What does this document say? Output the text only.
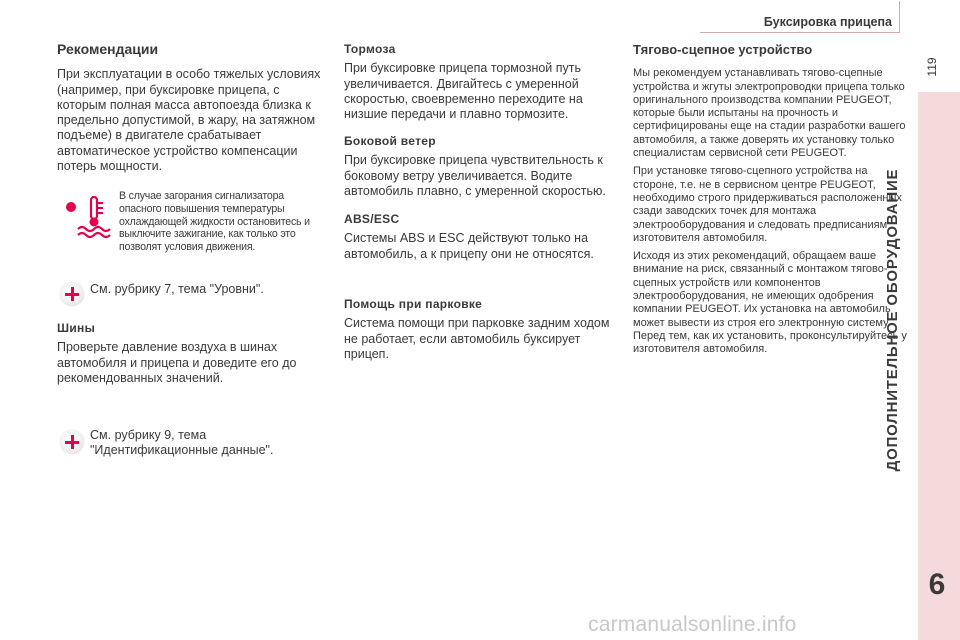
Буксировка прицепа
119
ДОПОЛНИТЕЛЬНОЕ ОБОРУДОВАНИЕ
6
Рекомендации

При эксплуатации в особо тяжелых условиях (например, при буксировке прицепа, с которым полная масса автопоезда близка к предельно допустимой, в жару, на затяжном подъеме) в двигателе срабатывает автоматическое устройство компенсации потерь мощности.

В случае загорания сигнализатора опасного повышения температуры охлаждающей жидкости остановитесь и выключите зажигание, как только это позволят условия движения.
См. рубрику 7, тема "Уровни".
Шины

Проверьте давление воздуха в шинах автомобиля и прицепа и доведите его до рекомендованных значений.

См. рубрику 9, тема "Идентификационные данные".
Тормоза

При буксировке прицепа тормозной путь увеличивается. Двигайтесь с умеренной скоростью, своевременно переходите на низшие передачи и плавно тормозите.

Боковой ветер

При буксировке прицепа чувствительность к боковому ветру увеличивается. Водите автомобиль плавно, с умеренной скоростью.

ABS/ESC

Системы ABS и ESC действуют только на автомобиль, а к прицепу они не относятся.

Помощь при парковке

Система помощи при парковке задним ходом не работает, если автомобиль буксирует прицеп.

Тягово-сцепное устройство

Мы рекомендуем устанавливать тягово-сцепные устройства и жгуты электропроводки прицепа только оригинального производства компании PEUGEOT, которые были испытаны на прочность и сертифицированы еще на стадии разработки вашего автомобиля, а также доверять их установку только специалистам сервисной сети PEUGEOT.

При установке тягово-сцепного устройства на стороне, т.е. не в сервисном центре PEUGEOT, необходимо строго придерживаться расположенных сзади заводских точек для монтажа электрооборудования и следовать предписаниям изготовителя автомобиля.

Исходя из этих рекомендаций, обращаем ваше внимание на риск, связанный с монтажом тягово-сцепных устройств или компонентов электрооборудования, не имеющих одобрения компании PEUGEOT. Их установка на автомобиль может вывести из строя его электронную систему. Перед тем, как их установить, проконсультируйтесь у изготовителя автомобиля.

carmanualsonline.info
